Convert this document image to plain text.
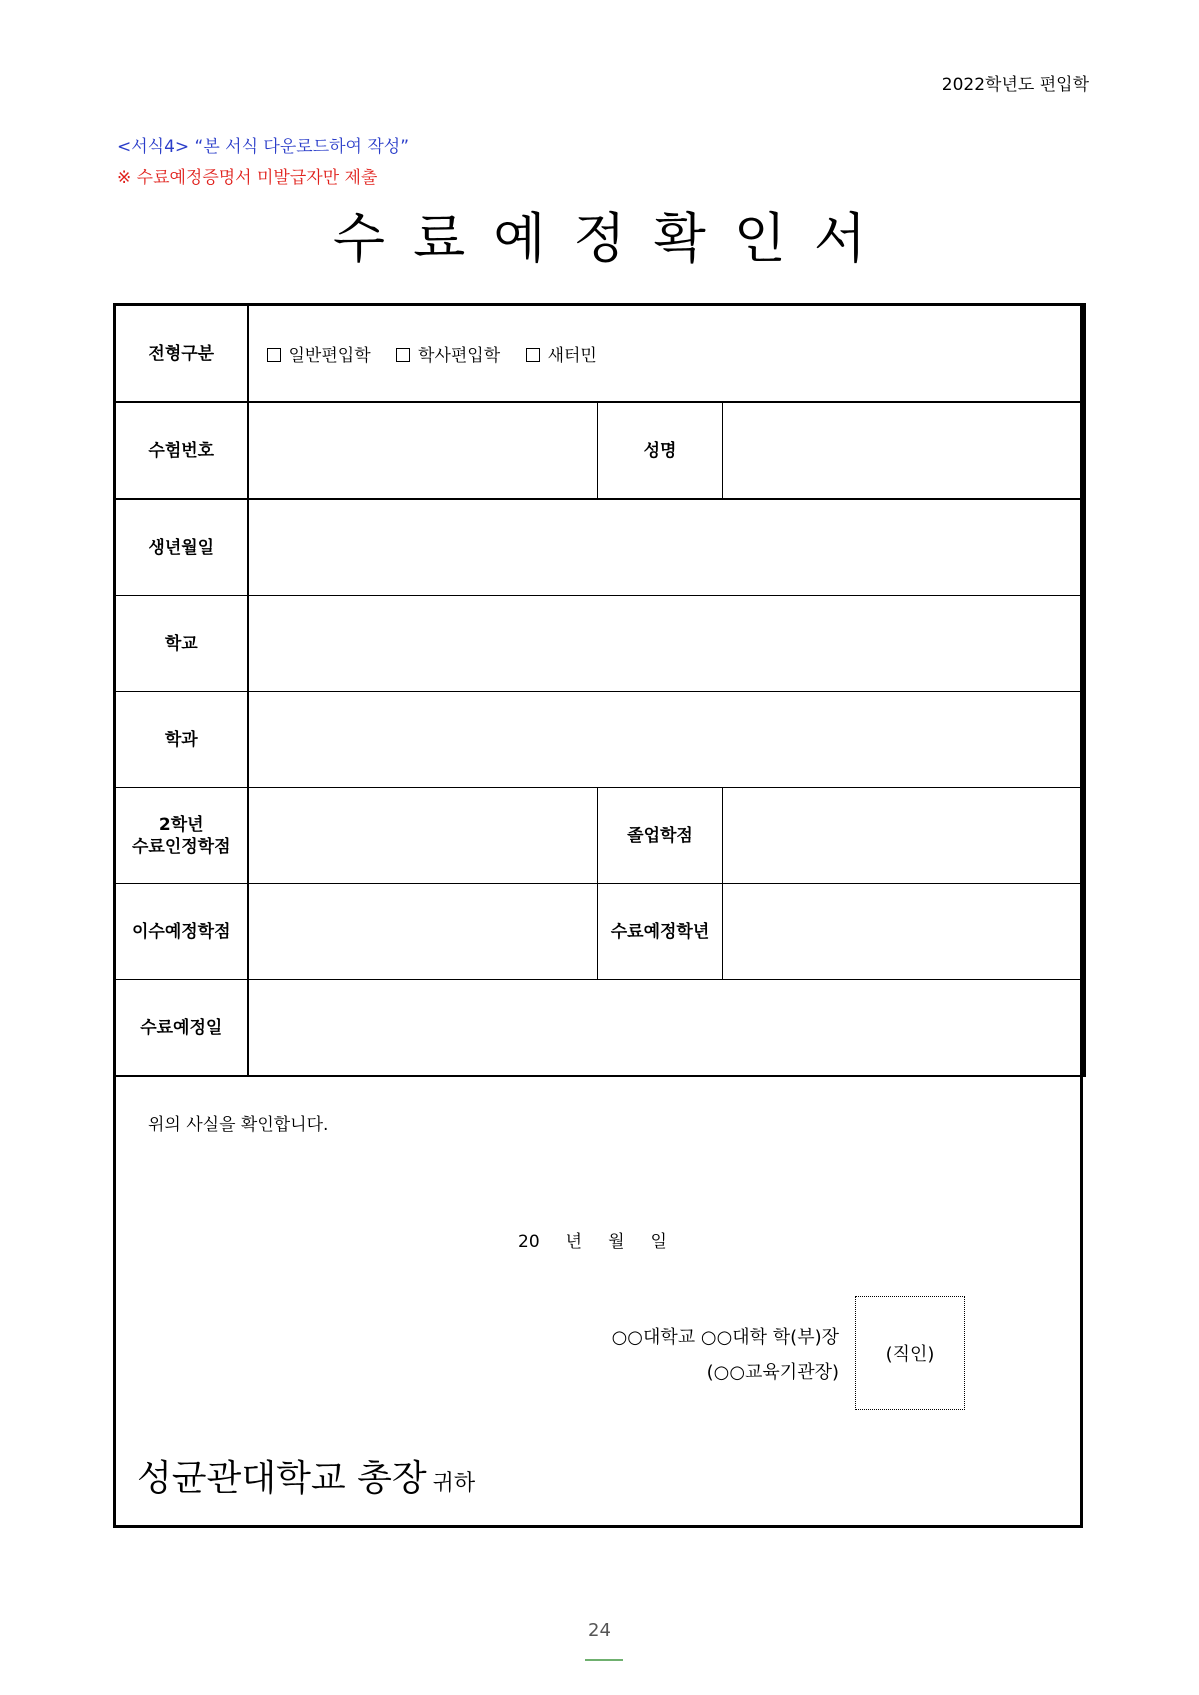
2022학년도 편입학
<서식4> “본 서식 다운로드하여 작성”
※ 수료예정증명서 미발급자만 제출
수료예정확인서
전형구분	일반편입학 학사편입학 새터민		
수험번호		성명	
생년월일			
학교			
학과			
2학년
수료인정학점		졸업학점	
이수예정학점		수료예정학년	
수료예정일			
위의 사실을 확인합니다.
20 년 월 일
○○대학교 ○○대학 학(부)장
(○○교육기관장)
(직인)
성균관대학교 총장 귀하
24
